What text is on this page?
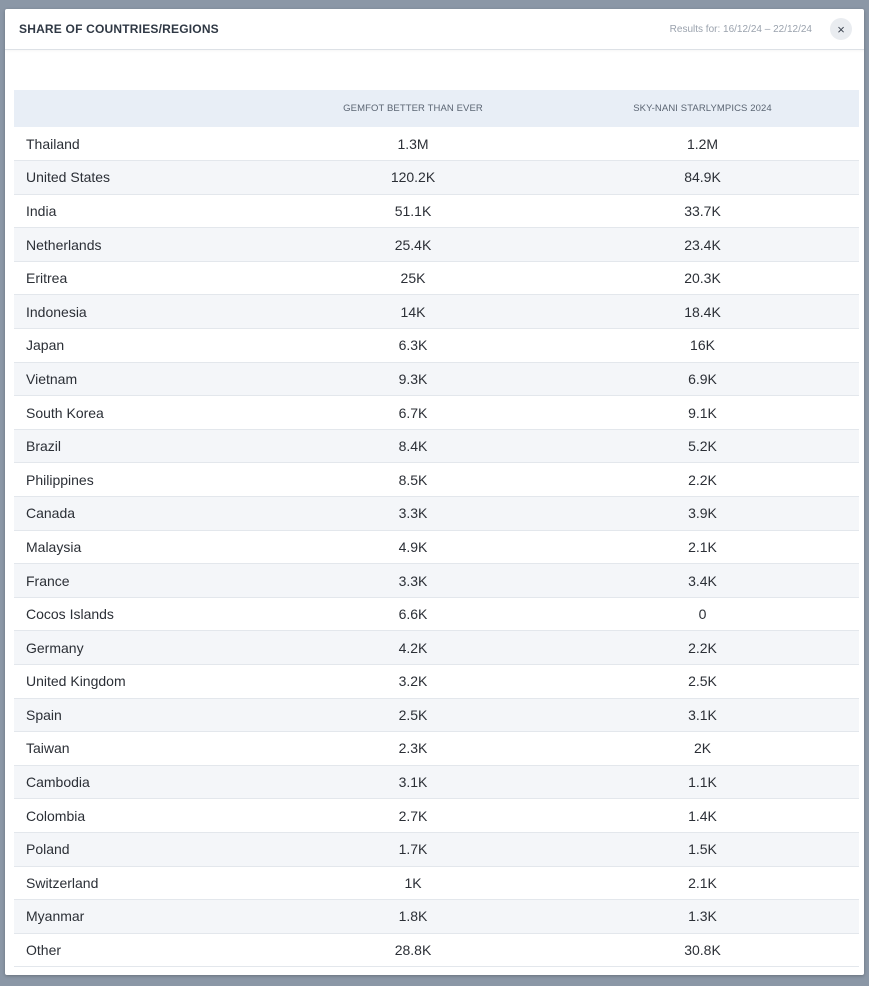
SHARE OF COUNTRIES/REGIONS	Results for: 16/12/24 – 22/12/24	×
	GEMFOT BETTER THAN EVER	SKY-NANI STARLYMPICS 2024
Thailand	1.3M	1.2M
United States	120.2K	84.9K
India	51.1K	33.7K
Netherlands	25.4K	23.4K
Eritrea	25K	20.3K
Indonesia	14K	18.4K
Japan	6.3K	16K
Vietnam	9.3K	6.9K
South Korea	6.7K	9.1K
Brazil	8.4K	5.2K
Philippines	8.5K	2.2K
Canada	3.3K	3.9K
Malaysia	4.9K	2.1K
France	3.3K	3.4K
Cocos Islands	6.6K	0
Germany	4.2K	2.2K
United Kingdom	3.2K	2.5K
Spain	2.5K	3.1K
Taiwan	2.3K	2K
Cambodia	3.1K	1.1K
Colombia	2.7K	1.4K
Poland	1.7K	1.5K
Switzerland	1K	2.1K
Myanmar	1.8K	1.3K
Other	28.8K	30.8K
